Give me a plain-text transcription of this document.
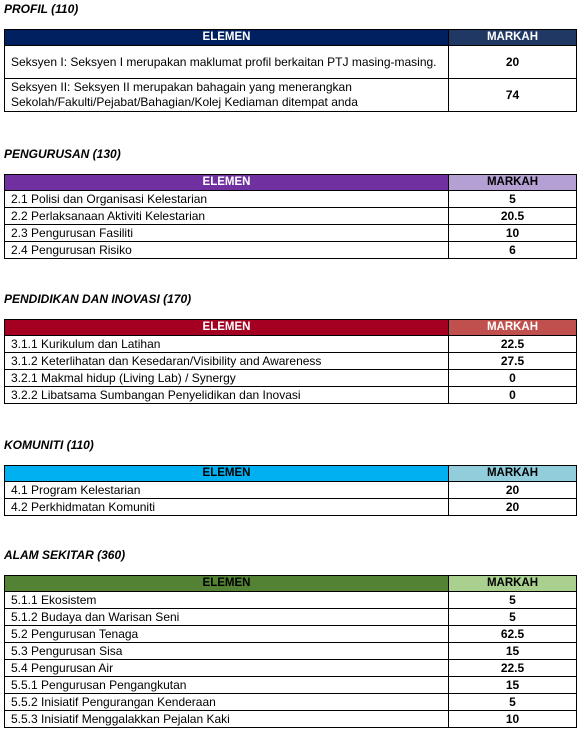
PROFIL (110)
ELEMEN	MARKAH
Seksyen I: Seksyen I merupakan maklumat profil berkaitan PTJ masing-masing.	20
Seksyen II: Seksyen II merupakan bahagain yang menerangkan Sekolah/Fakulti/Pejabat/Bahagian/Kolej Kediaman ditempat anda	74
PENGURUSAN (130)
ELEMEN	MARKAH
2.1 Polisi dan Organisasi Kelestarian	5
2.2 Perlaksanaan Aktiviti Kelestarian	20.5
2.3 Pengurusan Fasiliti	10
2.4 Pengurusan Risiko	6
PENDIDIKAN DAN INOVASI (170)
ELEMEN	MARKAH
3.1.1 Kurikulum dan Latihan	22.5
3.1.2 Keterlihatan dan Kesedaran/Visibility and Awareness	27.5
3.2.1 Makmal hidup (Living Lab) / Synergy	0
3.2.2 Libatsama Sumbangan Penyelidikan dan Inovasi	0
KOMUNITI (110)
ELEMEN	MARKAH
4.1 Program Kelestarian	20
4.2 Perkhidmatan Komuniti	20
ALAM SEKITAR (360)
ELEMEN	MARKAH
5.1.1 Ekosistem	5
5.1.2 Budaya dan Warisan Seni	5
5.2 Pengurusan Tenaga	62.5
5.3 Pengurusan Sisa	15
5.4 Pengurusan Air	22.5
5.5.1 Pengurusan Pengangkutan	15
5.5.2 Inisiatif Pengurangan Kenderaan	5
5.5.3 Inisiatif Menggalakkan Pejalan Kaki	10
